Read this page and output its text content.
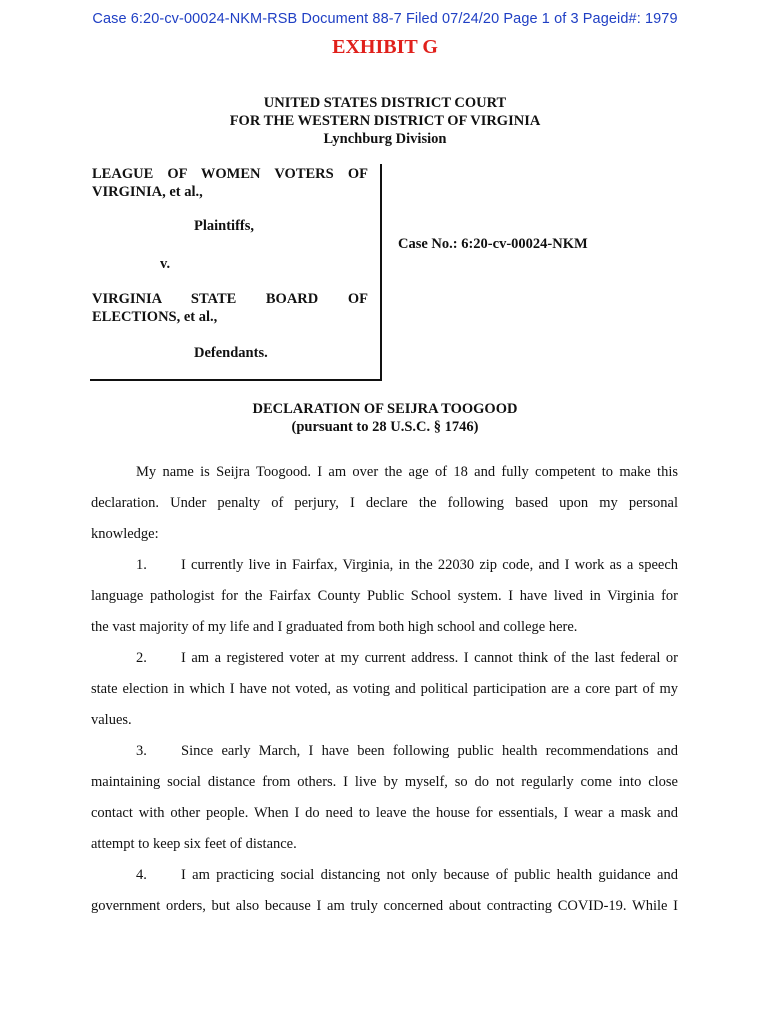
Case 6:20-cv-00024-NKM-RSB Document 88-7 Filed 07/24/20 Page 1 of 3 Pageid#: 1979
EXHIBIT G
UNITED STATES DISTRICT COURT
FOR THE WESTERN DISTRICT OF VIRGINIA
Lynchburg Division
LEAGUE OF WOMEN VOTERS OF
VIRGINIA, et al.,
Plaintiffs,
v.
VIRGINIA STATE BOARD OF
ELECTIONS, et al.,
Defendants.
Case No.: 6:20-cv-00024-NKM
DECLARATION OF SEIJRA TOOGOOD
(pursuant to 28 U.S.C. § 1746)
My name is Seijra Toogood. I am over the age of 18 and fully competent to make this
declaration. Under penalty of perjury, I declare the following based upon my personal
knowledge:
1.	I currently live in Fairfax, Virginia, in the 22030 zip code, and I work as a speech
language pathologist for the Fairfax County Public School system. I have lived in Virginia for
the vast majority of my life and I graduated from both high school and college here.
2.	I am a registered voter at my current address. I cannot think of the last federal or
state election in which I have not voted, as voting and political participation are a core part of my
values.
3.	Since early March, I have been following public health recommendations and
maintaining social distance from others. I live by myself, so do not regularly come into close
contact with other people. When I do need to leave the house for essentials, I wear a mask and
attempt to keep six feet of distance.
4.	I am practicing social distancing not only because of public health guidance and
government orders, but also because I am truly concerned about contracting COVID-19. While I
